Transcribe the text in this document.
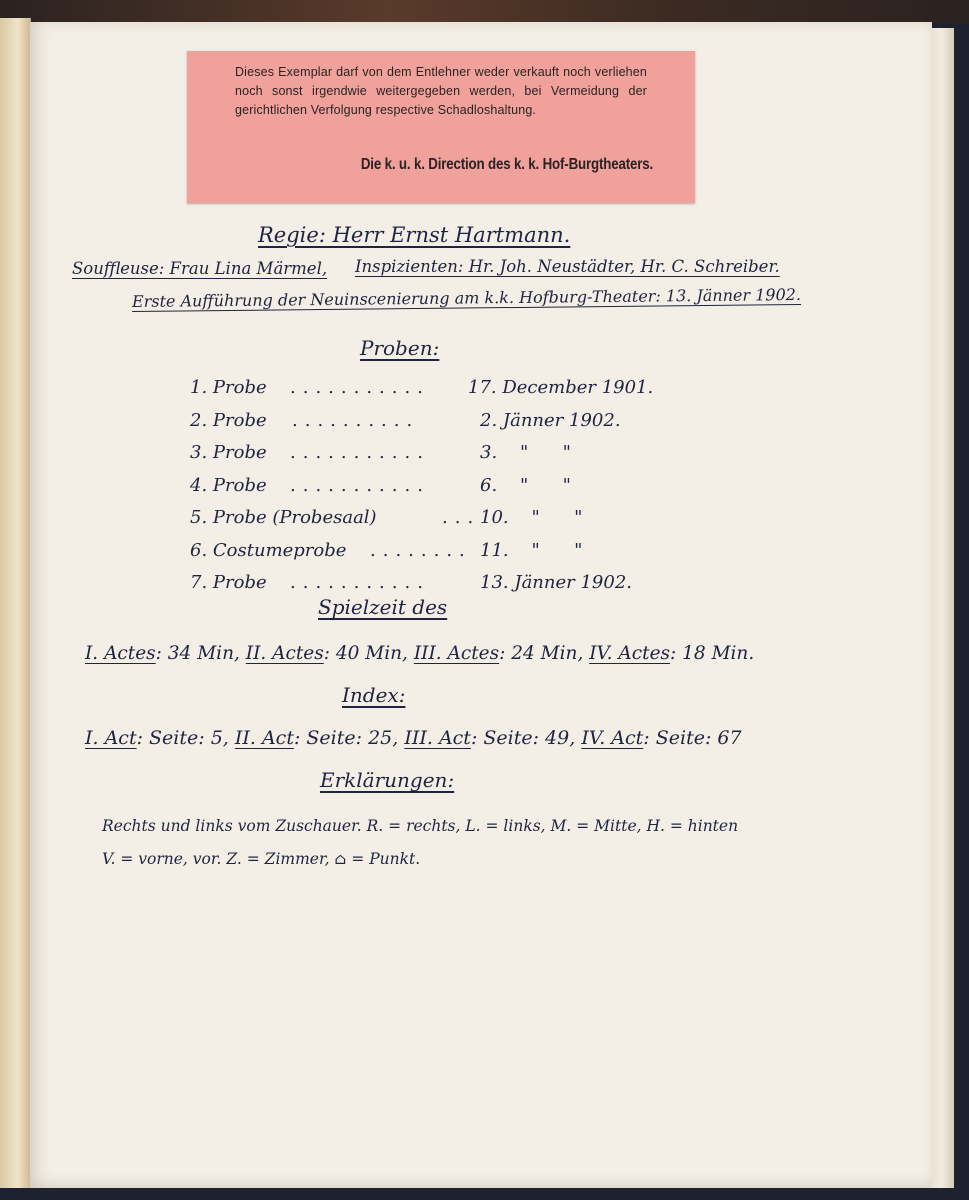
Dieses Exemplar darf von dem Entlehner weder verkauft noch verliehen noch sonst irgendwie weitergegeben werden, bei Vermeidung der gerichtlichen Verfolgung respective Schadloshaltung.
Die k. u. k. Direction des k. k. Hof-Burgtheaters.
Regie: Herr Ernst Hartmann.
Souffleuse: Frau Lina Märmel, Inspizienten: Hr. Joh. Neustädter, Hr. C. Schreiber.
Erste Aufführung der Neuinscenierung am k.k. Hofburg-Theater: 13. Jänner 1902.
Proben:
1. Probe ........... 17. December 1901.
2. Probe ..........	2. Jänner 1902.
3. Probe ...........	3.    "      "
4. Probe ...........	6.    "      "
5. Probe (Probesaal)	... 10.    "      "
6. Costumeprobe ........ 11.    "      "
7. Probe ...........	13. Jänner 1902.
Spielzeit des
I. Actes: 34 Min, II. Actes: 40 Min, III. Actes: 24 Min, IV. Actes: 18 Min.
Index:
I. Act: Seite: 5, II. Act: Seite: 25, III. Act: Seite: 49, IV. Act: Seite: 67
Erklärungen:
Rechts und links vom Zuschauer. R. = rechts, L. = links, M. = Mitte, H. = hinten
V. = vorne, vor. Z. = Zimmer, ⌂ = Punkt.
